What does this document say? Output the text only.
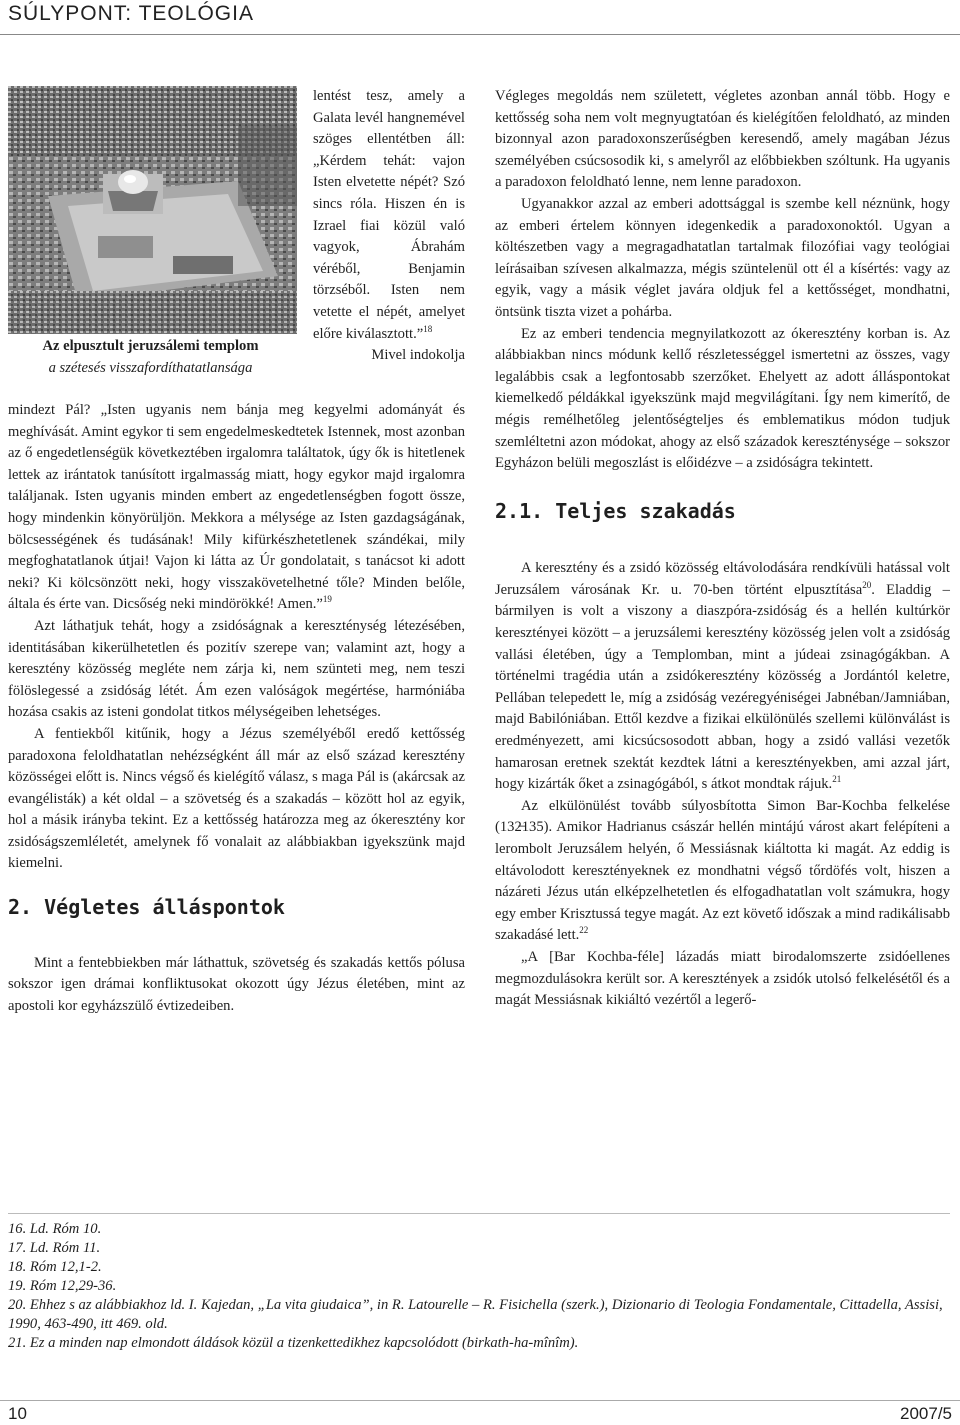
SÚLYPONT: TEOLÓGIA
Az elpusztult jeruzsálemi templom
a szétesés visszafordíthatatlansága

lentést tesz, amely a Galata levél hangnemével szöges ellentétben áll: „Kérdem tehát: vajon Isten elvetette népét? Szó sincs róla. Hiszen én is Izrael fiai közül való vagyok, Ábrahám véréből, Benjamin törzséből. Isten nem vetette el népét, amelyet előre kiválasztott.”$^{18}$

Mivel indokolja

mindezt Pál? „Isten ugyanis nem bánja meg kegyelmi adományát és meghívását. Amint egykor ti sem engedelmeskedtetek Istennek, most azonban az ő engedetlenségük következtében irgalomra találtatok, úgy ők is hitetlenek lettek az irántatok tanúsított irgalmasság miatt, hogy egykor majd irgalomra találjanak. Isten ugyanis minden embert az engedetlenségben fogott össze, hogy mindenkin könyörüljön. Mekkora a mélysége az Isten gazdagságának, bölcsességének és tudásának! Mily kifürkészhetetlenek szándékai, mily megfoghatatlanok útjai! Vajon ki látta az Úr gondolatait, s tanácsot ki adott neki? Ki kölcsönzött neki, hogy visszakövetelhetné tőle? Minden belőle, általa és érte van. Dicsőség neki mindörökké! Amen.”$^{19}$

Azt láthatjuk tehát, hogy a zsidóságnak a kereszténység létezésében, identitásában kikerülhetetlen és pozitív szerepe van; valamint azt, hogy a keresztény közösség megléte nem zárja ki, nem szünteti meg, nem teszi fölöslegessé a zsidóság létét. Ám ezen valóságok megértése, harmóniába hozása csakis az isteni gondolat titkos mélységeiben lehetséges.

A fentiekből kitűnik, hogy a Jézus személyéből eredő kettősség paradoxona feloldhatatlan nehézségként áll már az első század keresztény közösségei előtt is. Nincs végső és kielégítő válasz, s maga Pál is (akárcsak az evangélisták) a két oldal – a szövetség és a szakadás – között hol az egyik, hol a másik irányba tekint. Ez a kettősség határozza meg az ókeresztény kor zsidóságszemléletét, amelynek fő vonalait az alábbiakban igyekszünk majd kiemelni.

2. Végletes álláspontok

Mint a fentebbiekben már láthattuk, szövetség és szakadás kettős pólusa sokszor igen drámai konfliktusokat okozott úgy Jézus életében, mint az apostoli kor egyházszülő évtizedeiben.

Végleges megoldás nem született, végletes azonban annál több. Hogy e kettősség soha nem volt megnyugtatóan és kielégítően feloldható, az minden bizonnyal azon paradoxonszerűségben keresendő, amely magában Jézus személyében csúcsosodik ki, s amelyről az előbbiekben szóltunk. Ha ugyanis a paradoxon feloldható lenne, nem lenne paradoxon.

Ugyanakkor azzal az emberi adottsággal is szembe kell néznünk, hogy az emberi értelem könnyen idegenkedik a paradoxonoktól. Ugyan a költészetben vagy a megragadhatatlan tartalmak filozófiai vagy teológiai leírásaiban szívesen alkalmazza, mégis szüntelenül ott él a kísértés: vagy az egyik, vagy a másik véglet javára oldjuk fel a kettősséget, mondhatni, öntsünk tiszta vizet a pohárba.

Ez az emberi tendencia megnyilatkozott az ókeresztény korban is. Az alábbiakban nincs módunk kellő részletességgel ismertetni az összes, vagy legalábbis csak a legfontosabb szerzőket. Ehelyett az adott álláspontokat kiemelkedő példákkal igyekszünk majd megvilágítani. Így nem kimerítő, de mégis remélhetőleg jelentőségteljes és emblematikus módon tudjuk szemléltetni azon módokat, ahogy az első századok kereszténysége – sokszor Egyházon belüli megoszlást is előidézve – a zsidóságra tekintett.

2.1. Teljes szakadás

A keresztény és a zsidó közösség eltávolodására rendkívüli hatással volt Jeruzsálem városának Kr. u. 70-ben történt elpusztítása$^{20}$. Eladdig – bármilyen is volt a viszony a diaszpóra-zsidóság és a hellén kultúrkör keresztényei között – a jeruzsálemi keresztény közösség jelen volt a zsidóság vallási életében, úgy a Templomban, mint a júdeai zsinagógákban. A történelmi tragédia után a zsidókeresztény közösség a Jordántól keletre, Pellában telepedett le, míg a zsidóság vezéregyéniségei Jabnéban/Jamniában, majd Babilóniában. Ettől kezdve a fizikai elkülönülés szellemi különválást is eredményezett, ami kicsúcsosodott abban, hogy a zsidó vallási vezetők hamarosan eretnek szektát kezdtek látni a keresztényekben, ami azzal járt, hogy kizárták őket a zsinagógából, s átkot mondtak rájuk.$^{21}$

Az elkülönülést tovább súlyosbította Simon Bar-Kochba felkelése (132̶135). Amikor Hadrianus császár hellén mintájú várost akart felépíteni a lerombolt Jeruzsálem helyén, ő Messiásnak kiáltotta ki magát. Az eddig is eltávolodott keresztényeknek ez mondhatni végső tőrdöfés volt, hiszen a názáreti Jézus után elképzelhetetlen és elfogadhatatlan volt számukra, hogy egy ember Krisztussá tegye magát. Az ezt követő időszak a mind radikálisabb szakadásé lett.$^{22}$

„A [Bar Kochba-féle] lázadás miatt birodalomszerte zsidóellenes megmozdulásokra került sor. A keresztények a zsidók utolsó felkelésétől és a magát Messiásnak kikiáltó vezértől a legerő-

16. Ld. Róm 10.

17. Ld. Róm 11.

18. Róm 12,1-2.

19. Róm 12,29-36.

20. Ehhez s az alábbiakhoz ld. I. Kajedan, „La vita giudaica”, in R. Latourelle – R. Fisichella (szerk.), Dizionario di Teologia Fondamentale, Cittadella, Assisi, 1990, 463-490, itt 469. old.

21. Ez a minden nap elmondott áldások közül a tizenkettedikhez kapcsolódott (birkath-ha-mînîm).

10	2007/5
